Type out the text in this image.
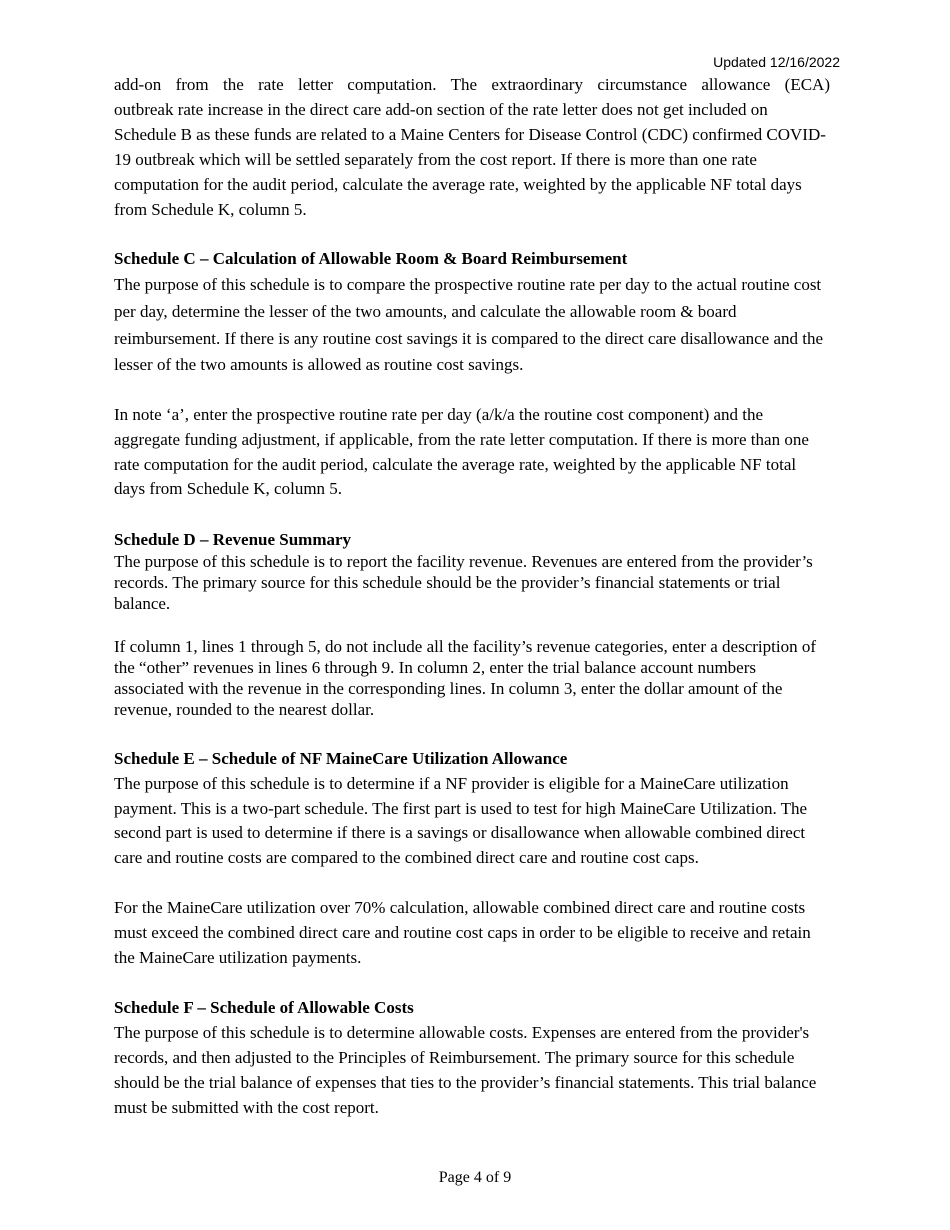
Updated 12/16/2022

add-on from the rate letter computation. The extraordinary circumstance allowance (ECA)

outbreak rate increase in the direct care add-on section of the rate letter does not get included on Schedule B as these funds are related to a Maine Centers for Disease Control (CDC) confirmed COVID-19 outbreak which will be settled separately from the cost report. If there is more than one rate computation for the audit period, calculate the average rate, weighted by the applicable NF total days from Schedule K, column 5.

Schedule C – Calculation of Allowable Room & Board Reimbursement

The purpose of this schedule is to compare the prospective routine rate per day to the actual routine cost per day, determine the lesser of the two amounts, and calculate the allowable room & board reimbursement. If there is any routine cost savings it is compared to the direct care disallowance and the lesser of the two amounts is allowed as routine cost savings.

In note ‘a’, enter the prospective routine rate per day (a/k/a the routine cost component) and the aggregate funding adjustment, if applicable, from the rate letter computation. If there is more than one rate computation for the audit period, calculate the average rate, weighted by the applicable NF total days from Schedule K, column 5.

Schedule D – Revenue Summary

The purpose of this schedule is to report the facility revenue. Revenues are entered from the provider’s records. The primary source for this schedule should be the provider’s financial statements or trial balance.

If column 1, lines 1 through 5, do not include all the facility’s revenue categories, enter a description of the “other” revenues in lines 6 through 9. In column 2, enter the trial balance account numbers associated with the revenue in the corresponding lines. In column 3, enter the dollar amount of the revenue, rounded to the nearest dollar.

Schedule E – Schedule of NF MaineCare Utilization Allowance

The purpose of this schedule is to determine if a NF provider is eligible for a MaineCare utilization payment. This is a two-part schedule. The first part is used to test for high MaineCare Utilization. The second part is used to determine if there is a savings or disallowance when allowable combined direct care and routine costs are compared to the combined direct care and routine cost caps.

For the MaineCare utilization over 70% calculation, allowable combined direct care and routine costs must exceed the combined direct care and routine cost caps in order to be eligible to receive and retain the MaineCare utilization payments.

Schedule F – Schedule of Allowable Costs

The purpose of this schedule is to determine allowable costs. Expenses are entered from the provider's records, and then adjusted to the Principles of Reimbursement. The primary source for this schedule should be the trial balance of expenses that ties to the provider’s financial statements. This trial balance must be submitted with the cost report.

Page 4 of 9
